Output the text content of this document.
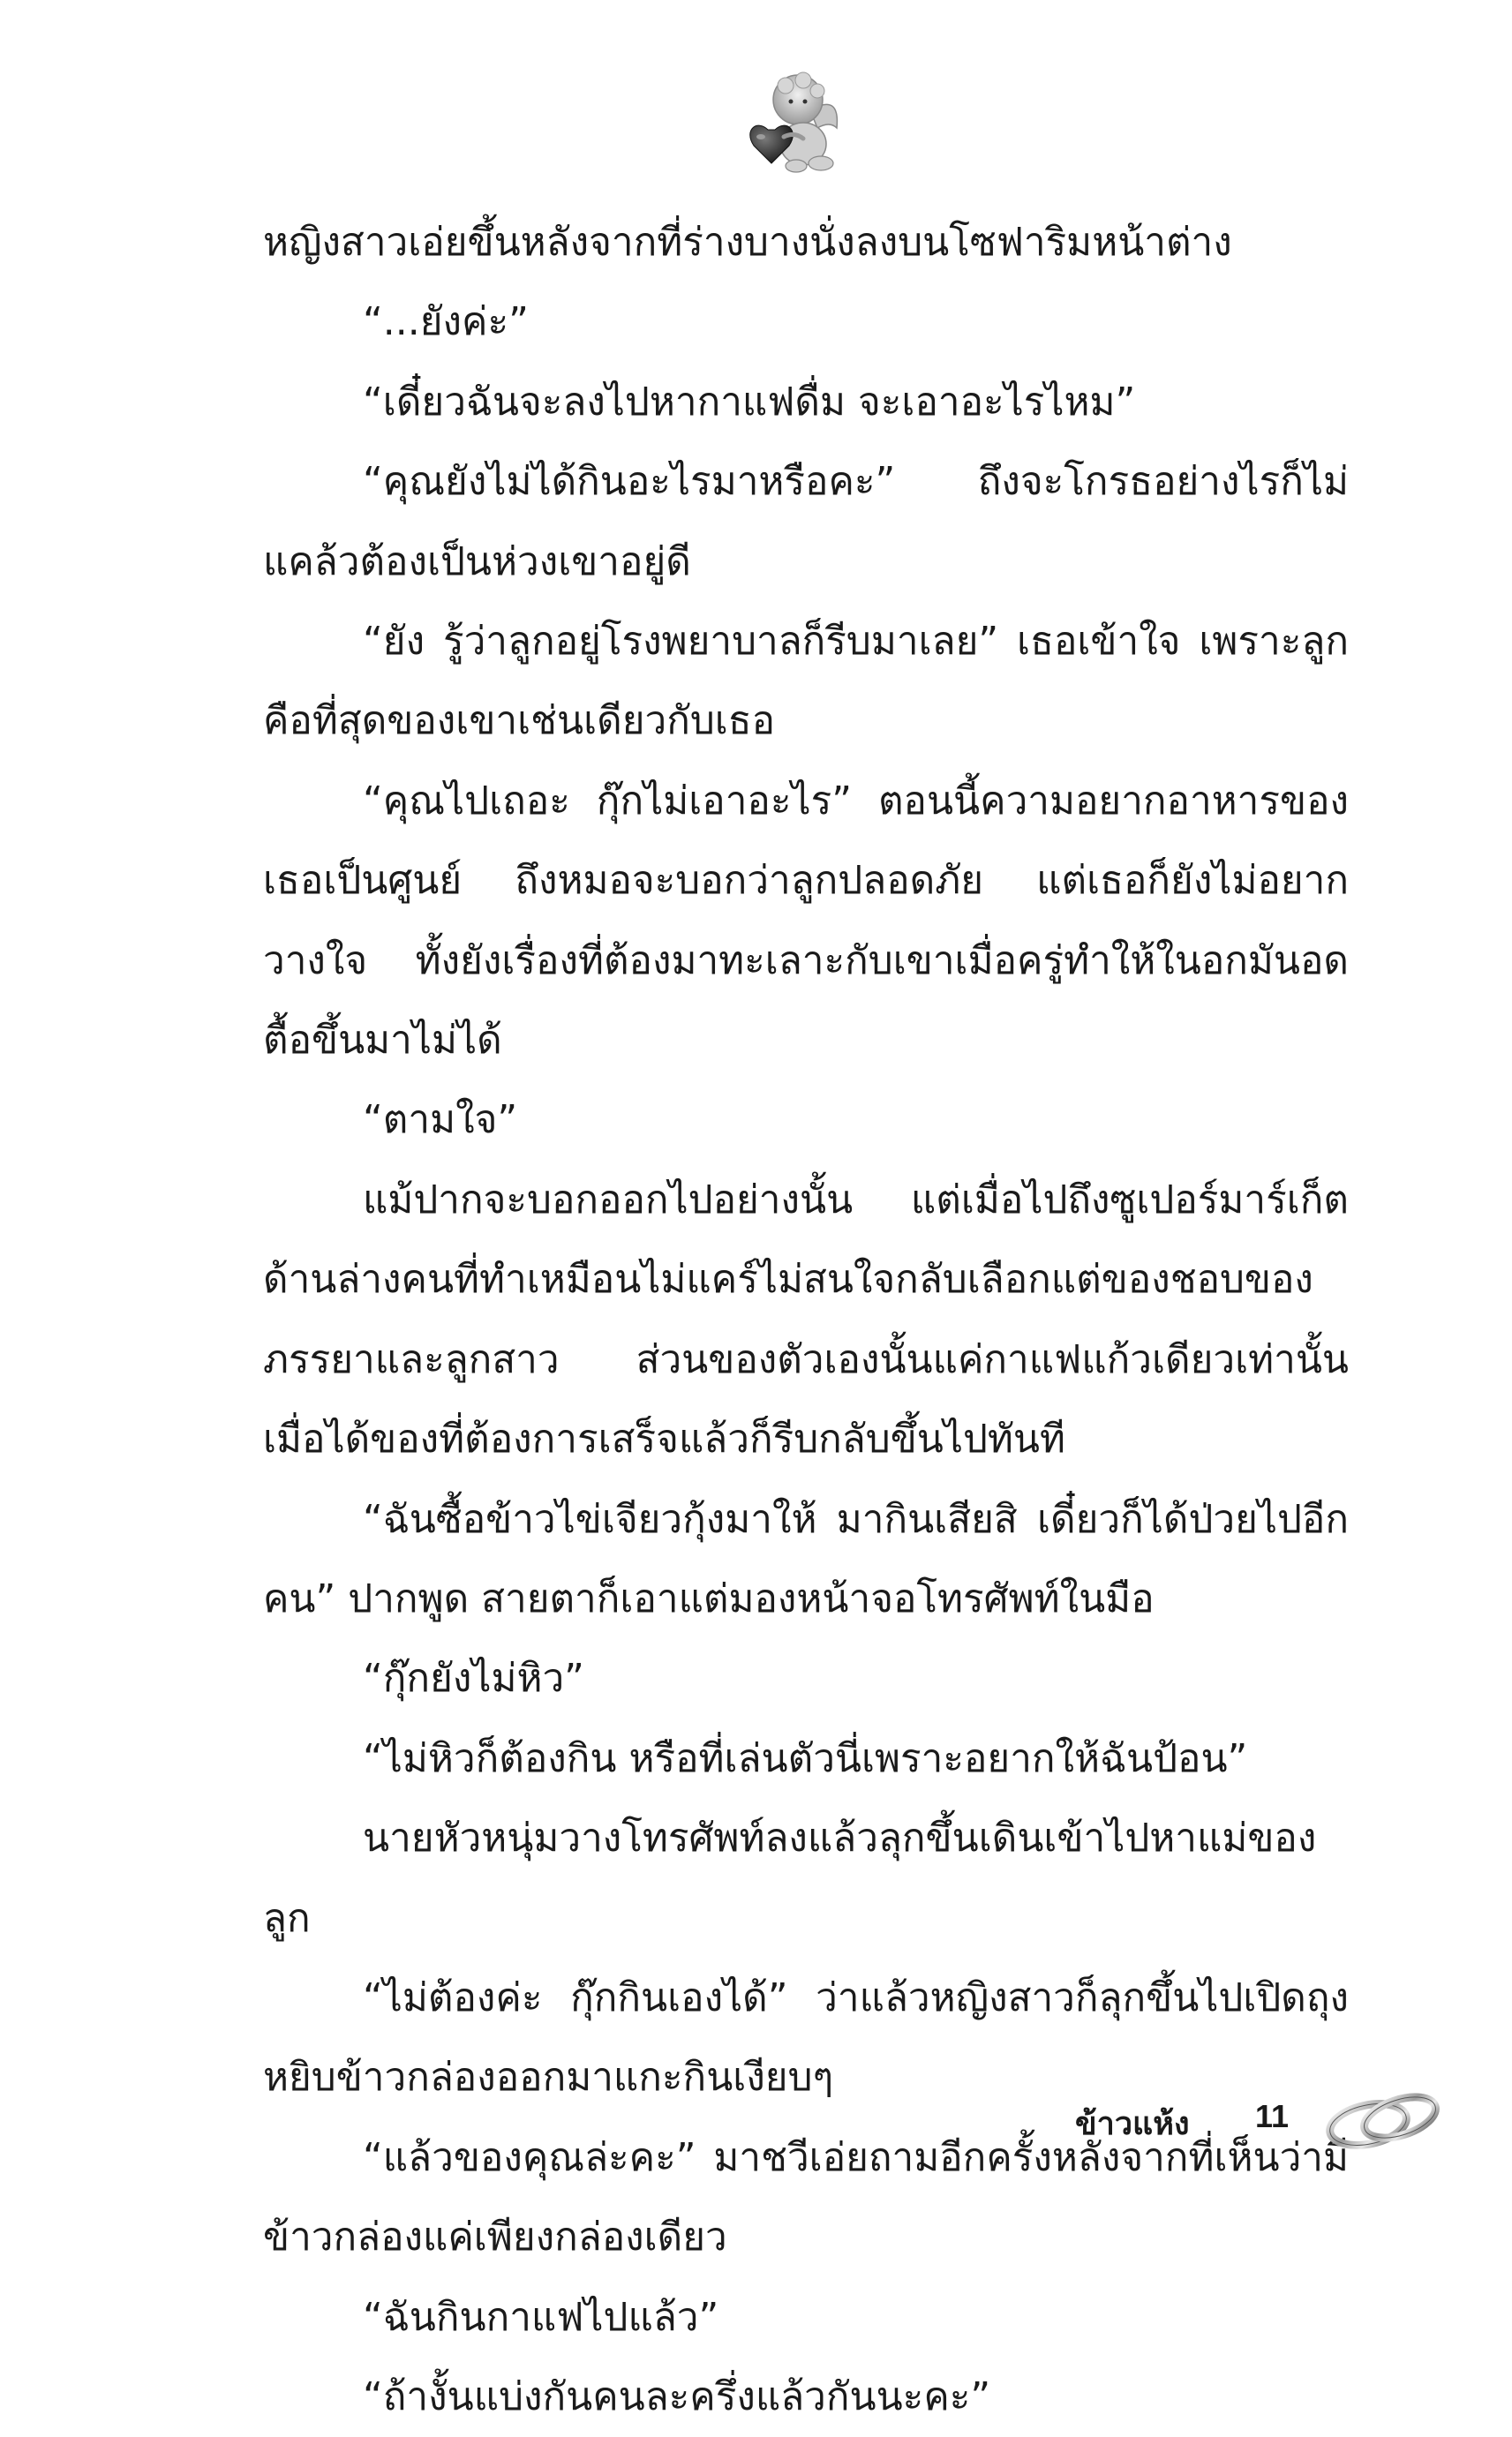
หญิงสาวเอ่ยขึ้นหลังจากที่ร่างบางนั่งลงบนโซฟาริมหน้าต่าง

“...ยังค่ะ”

“เดี๋ยวฉันจะลงไปหากาแฟดื่ม จะเอาอะไรไหม”

“คุณยังไม่ได้กินอะไรมาหรือคะ” ถึงจะโกรธอย่างไรก็ไม่แคล้วต้องเป็นห่วงเขาอยู่ดี

“ยัง รู้ว่าลูกอยู่โรงพยาบาลก็รีบมาเลย” เธอเข้าใจ เพราะลูกคือที่สุดของเขาเช่นเดียวกับเธอ

“คุณไปเถอะ กุ๊กไม่เอาอะไร” ตอนนี้ความอยากอาหารของเธอเป็นศูนย์ ถึงหมอจะบอกว่าลูกปลอดภัย แต่เธอก็ยังไม่อยากวางใจ ทั้งยังเรื่องที่ต้องมาทะเลาะกับเขาเมื่อครู่ทำให้ในอกมันอดตื้อขึ้นมาไม่ได้

“ตามใจ”

แม้ปากจะบอกออกไปอย่างนั้น แต่เมื่อไปถึงซูเปอร์มาร์เก็ตด้านล่างคนที่ทำเหมือนไม่แคร์ไม่สนใจกลับเลือกแต่ของชอบของภรรยาและลูกสาว ส่วนของตัวเองนั้นแค่กาแฟแก้วเดียวเท่านั้น เมื่อได้ของที่ต้องการเสร็จแล้วก็รีบกลับขึ้นไปทันที

“ฉันซื้อข้าวไข่เจียวกุ้งมาให้ มากินเสียสิ เดี๋ยวก็ได้ป่วยไปอีกคน” ปากพูด สายตาก็เอาแต่มองหน้าจอโทรศัพท์ในมือ

“กุ๊กยังไม่หิว”

“ไม่หิวก็ต้องกิน หรือที่เล่นตัวนี่เพราะอยากให้ฉันป้อน”

นายหัวหนุ่มวางโทรศัพท์ลงแล้วลุกขึ้นเดินเข้าไปหาแม่ของลูก

“ไม่ต้องค่ะ กุ๊กกินเองได้” ว่าแล้วหญิงสาวก็ลุกขึ้นไปเปิดถุงหยิบข้าวกล่องออกมาแกะกินเงียบๆ

“แล้วของคุณล่ะคะ” มาชวีเอ่ยถามอีกครั้งหลังจากที่เห็นว่ามีข้าวกล่องแค่เพียงกล่องเดียว

“ฉันกินกาแฟไปแล้ว”

“ถ้างั้นแบ่งกันคนละครึ่งแล้วกันนะคะ”

ข้าวแห้ง 11
